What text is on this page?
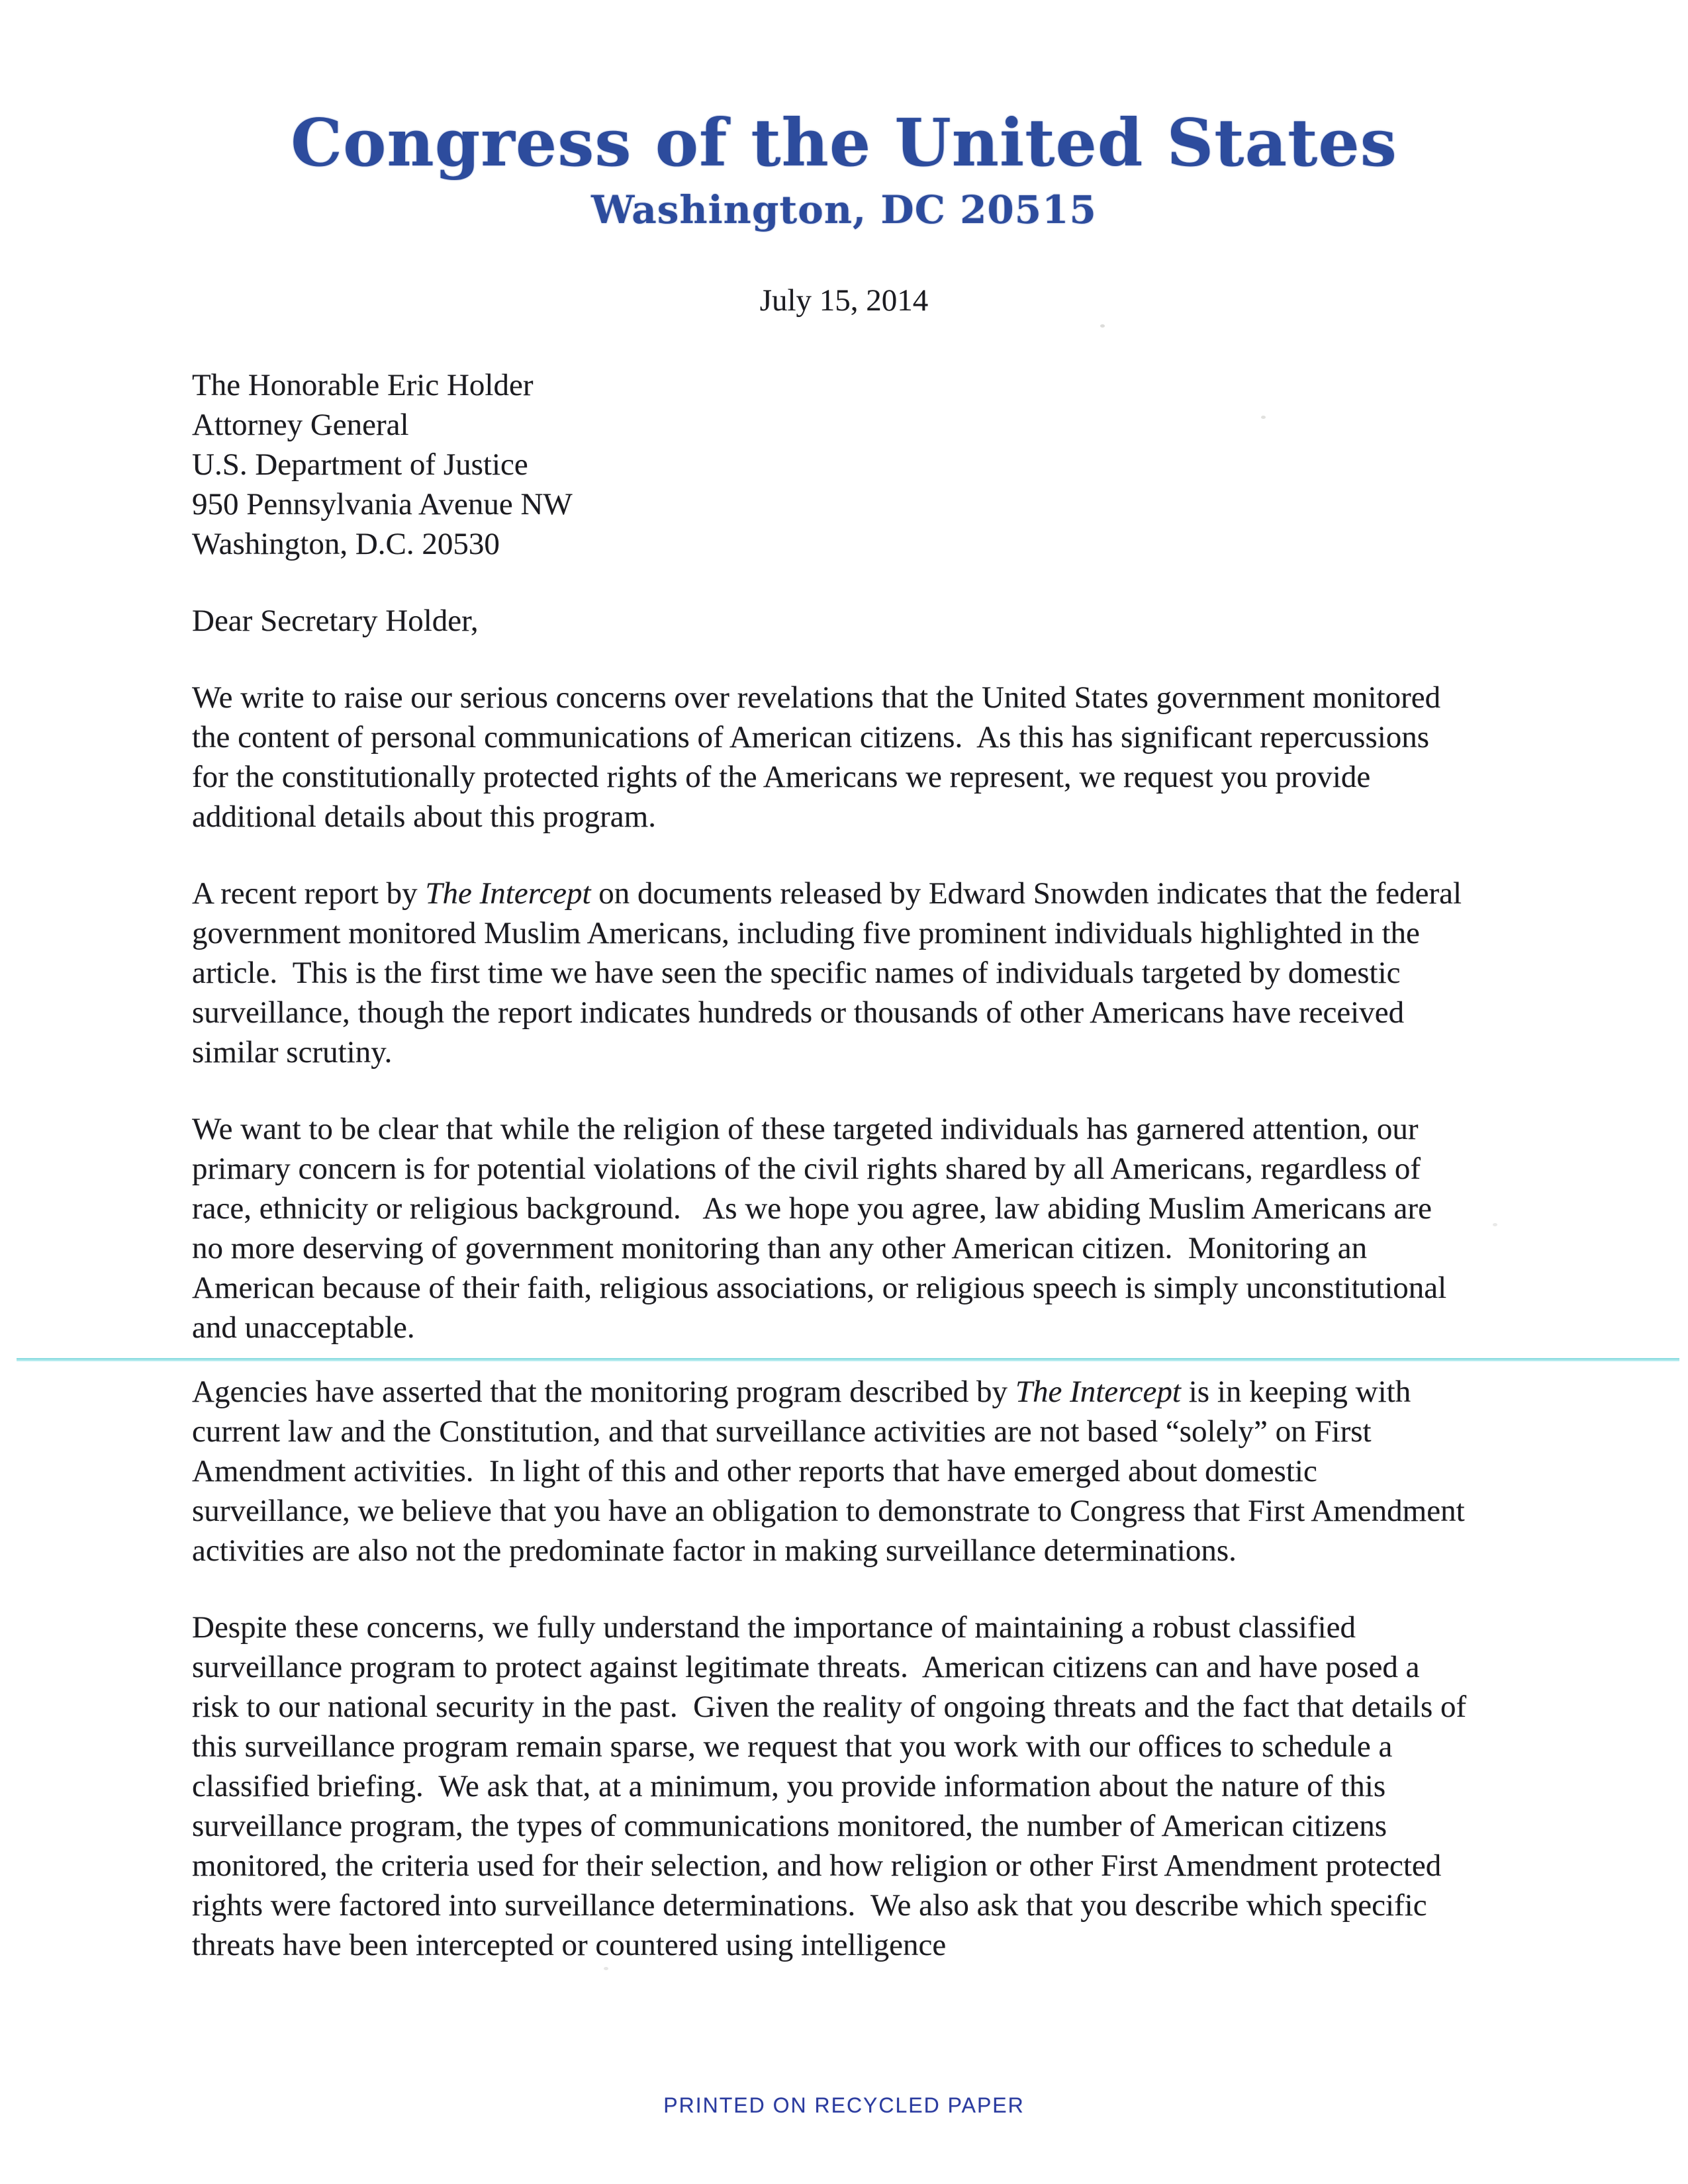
Congress of the United States
Washington, DC 20515
July 15, 2014
The Honorable Eric Holder
Attorney General
U.S. Department of Justice
950 Pennsylvania Avenue NW
Washington, D.C. 20530
Dear Secretary Holder,

We write to raise our serious concerns over revelations that the United States government monitored the content of personal communications of American citizens.  As this has significant repercussions for the constitutionally protected rights of the Americans we represent, we request you provide additional details about this program.

A recent report by The Intercept on documents released by Edward Snowden indicates that the federal government monitored Muslim Americans, including five prominent individuals highlighted in the article.  This is the first time we have seen the specific names of individuals targeted by domestic surveillance, though the report indicates hundreds or thousands of other Americans have received similar scrutiny.

We want to be clear that while the religion of these targeted individuals has garnered attention, our primary concern is for potential violations of the civil rights shared by all Americans, regardless of race, ethnicity or religious background.   As we hope you agree, law abiding Muslim Americans are no more deserving of government monitoring than any other American citizen.  Monitoring an American because of their faith, religious associations, or religious speech is simply unconstitutional and unacceptable.

Agencies have asserted that the monitoring program described by The Intercept is in keeping with current law and the Constitution, and that surveillance activities are not based “solely” on First Amendment activities.  In light of this and other reports that have emerged about domestic surveillance, we believe that you have an obligation to demonstrate to Congress that First Amendment activities are also not the predominate factor in making surveillance determinations.

Despite these concerns, we fully understand the importance of maintaining a robust classified surveillance program to protect against legitimate threats.  American citizens can and have posed a risk to our national security in the past.  Given the reality of ongoing threats and the fact that details of this surveillance program remain sparse, we request that you work with our offices to schedule a classified briefing.  We ask that, at a minimum, you provide information about the nature of this surveillance program, the types of communications monitored, the number of American citizens monitored, the criteria used for their selection, and how religion or other First Amendment protected rights were factored into surveillance determinations.  We also ask that you describe which specific threats have been intercepted or countered using intelligence

PRINTED ON RECYCLED PAPER
